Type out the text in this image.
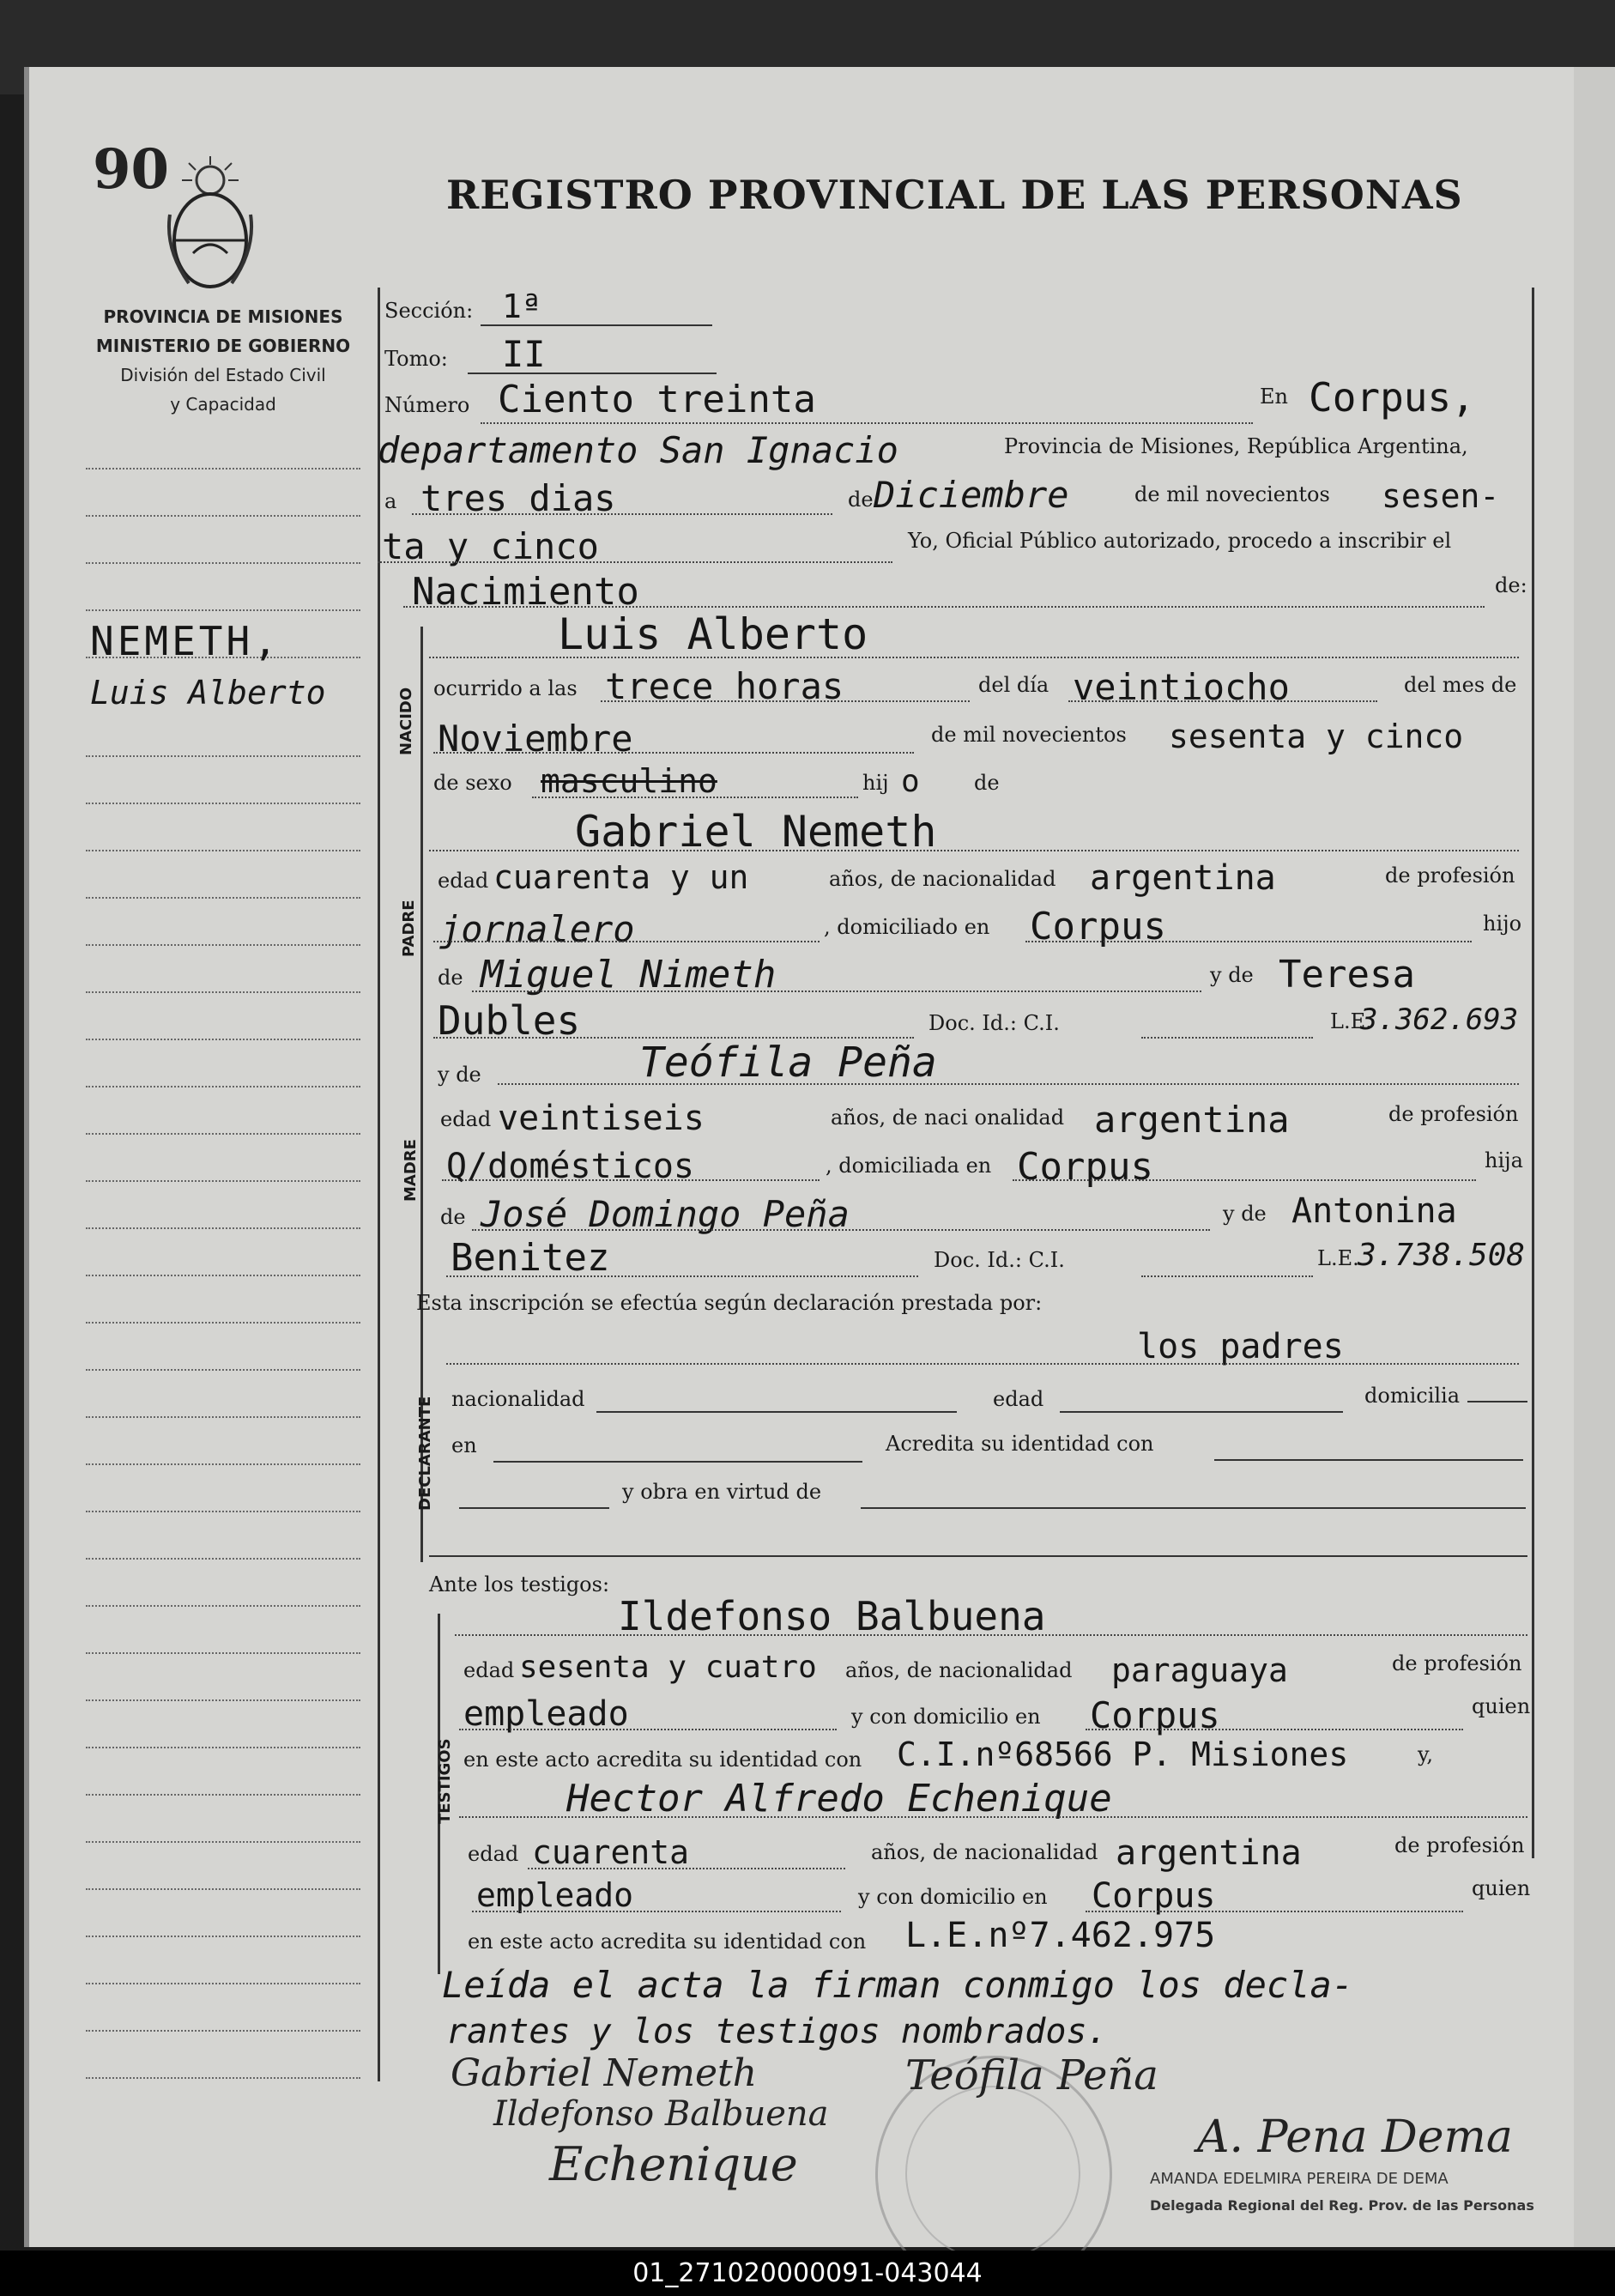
90	REGISTRO PROVINCIAL DE LAS PERSONAS
PROVINCIA DE MISIONES
MINISTERIO DE GOBIERNO
División del Estado Civil
y Capacidad
NEMETH,
Luis Alberto
Sección: 1ª
Tomo: II
Número Ciento treinta	En Corpus,
departamento San Ignacio	Provincia de Misiones, República Argentina,
a tres dias	de Diciembre	de mil novecientos sesen-
ta y cinco	Yo, Oficial Público autorizado, procedo a inscribir el
Nacimiento	de:
NACIDO
Luis Alberto
ocurrido a las trece horas	del día veintiocho	del mes de
Noviembre	de mil novecientos sesenta y cinco
de sexo masculino	hij o	de
PADRE
Gabriel Nemeth
edad cuarenta y un	años, de nacionalidad argentina	de profesión
jornalero	, domiciliado en Corpus	hijo
de Miguel Nimeth	y de Teresa
Dubles	Doc. Id.: C.I.	L.E.
3.362.693
MADRE
y de	Teófila Peña
edad veintiseis	años, de naci onalidad argentina	de profesión
Q/domésticos	, domiciliada en Corpus	hija
de José Domingo Peña	y de Antonina
Benitez	Doc. Id.: C.I.	L.E.
3.738.508
Esta inscripción se efectúa según declaración prestada por:
los padres
DECLARANTE nacionalidad	edad	domicilia
en	Acredita su identidad con
y obra en virtud de
Ante los testigos:
TESTIGOS
Ildefonso Balbuena
edad sesenta y cuatro años, de nacionalidad paraguaya	de profesión
empleado	y con domicilio en Corpus	quien
en este acto acredita su identidad con C.I.nº68566 P. Misiones	y,
Hector Alfredo Echenique
edad cuarenta	años, de nacionalidad argentina	de profesión
empleado	y con domicilio en Corpus	quien
en este acto acredita su identidad con L.E.nº7.462.975
Leída el acta la firman conmigo los decla-
rantes y los testigos nombrados.
Gabriel Nemeth	Teófila Peña
Ildefonso Balbuena
Echenique	A. Pena Dema
AMANDA EDELMIRA PEREIRA DE DEMA
Delegada Regional del Reg. Prov. de las Personas
01_271020000091-043044
